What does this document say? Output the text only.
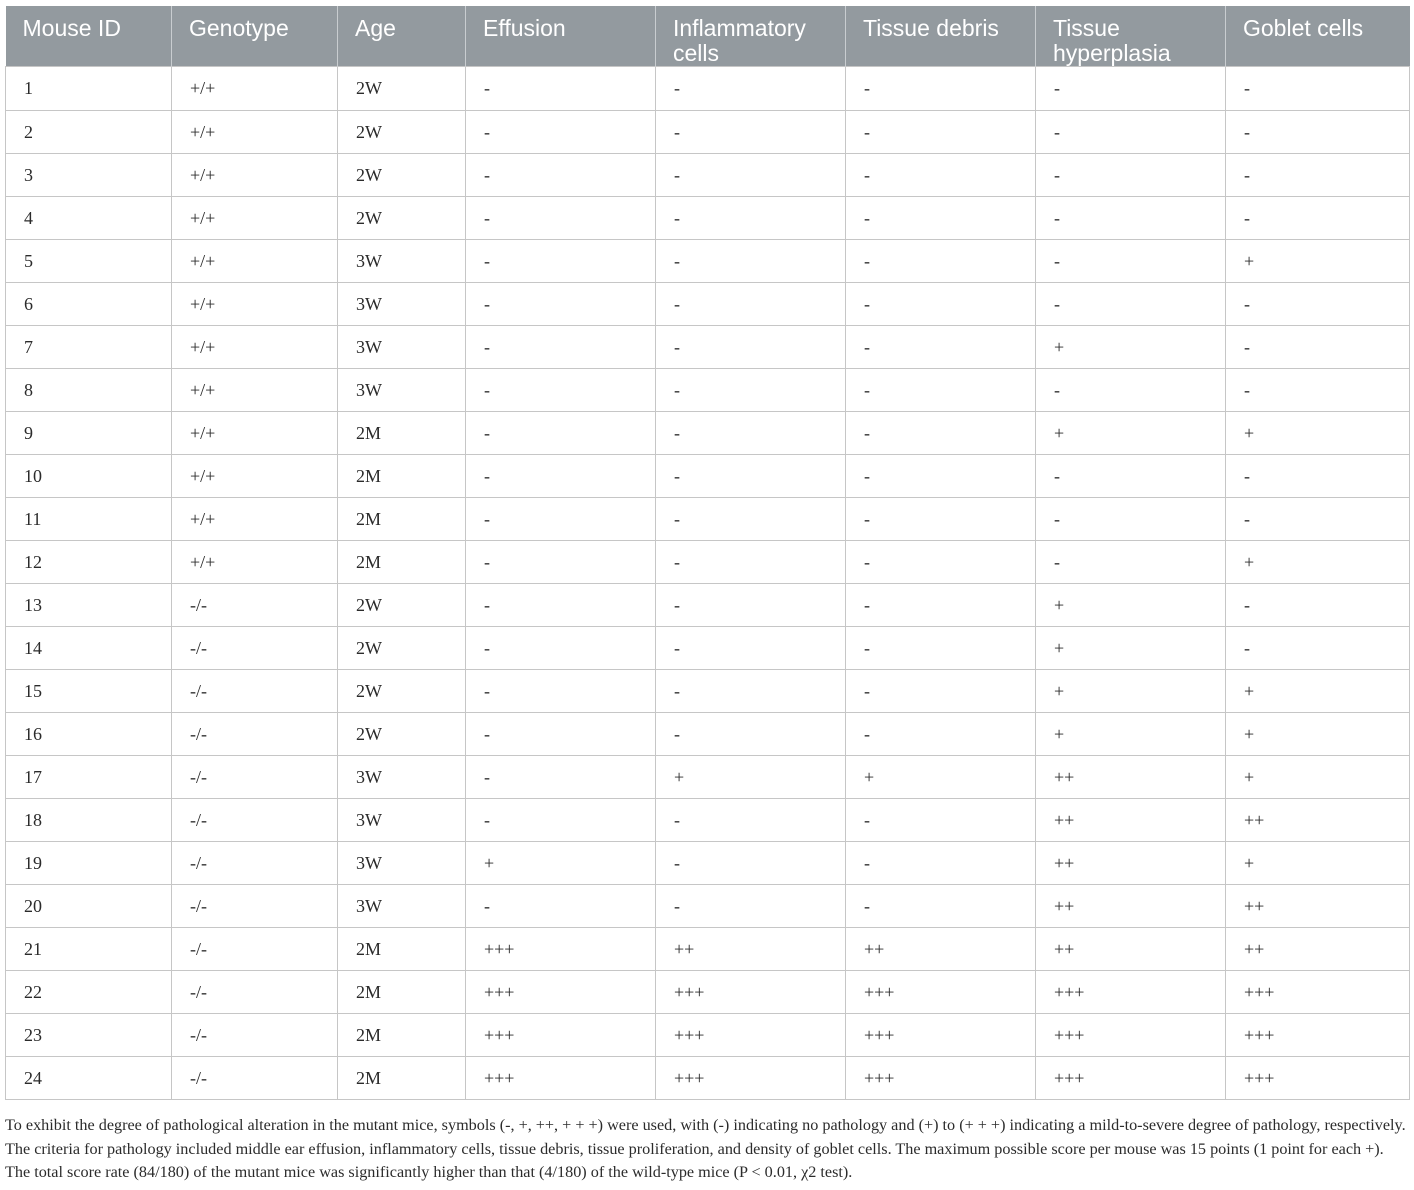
Mouse ID	Genotype	Age	Effusion	Inflammatory cells	Tissue debris	Tissue hyperplasia	Goblet cells
1	+/+	2W	-	-	-	-	-
2	+/+	2W	-	-	-	-	-
3	+/+	2W	-	-	-	-	-
4	+/+	2W	-	-	-	-	-
5	+/+	3W	-	-	-	-	+
6	+/+	3W	-	-	-	-	-
7	+/+	3W	-	-	-	+	-
8	+/+	3W	-	-	-	-	-
9	+/+	2M	-	-	-	+	+
10	+/+	2M	-	-	-	-	-
11	+/+	2M	-	-	-	-	-
12	+/+	2M	-	-	-	-	+
13	-/-	2W	-	-	-	+	-
14	-/-	2W	-	-	-	+	-
15	-/-	2W	-	-	-	+	+
16	-/-	2W	-	-	-	+	+
17	-/-	3W	-	+	+	++	+
18	-/-	3W	-	-	-	++	++
19	-/-	3W	+	-	-	++	+
20	-/-	3W	-	-	-	++	++
21	-/-	2M	+++	++	++	++	++
22	-/-	2M	+++	+++	+++	+++	+++
23	-/-	2M	+++	+++	+++	+++	+++
24	-/-	2M	+++	+++	+++	+++	+++
To exhibit the degree of pathological alteration in the mutant mice, symbols (-, +, ++, + + +) were used, with (-) indicating no pathology and (+) to (+ + +) indicating a mild-to-severe degree of pathology, respectively. The criteria for pathology included middle ear effusion, inflammatory cells, tissue debris, tissue proliferation, and density of goblet cells. The maximum possible score per mouse was 15 points (1 point for each +). The total score rate (84/180) of the mutant mice was significantly higher than that (4/180) of the wild-type mice (P < 0.01, χ2 test).
